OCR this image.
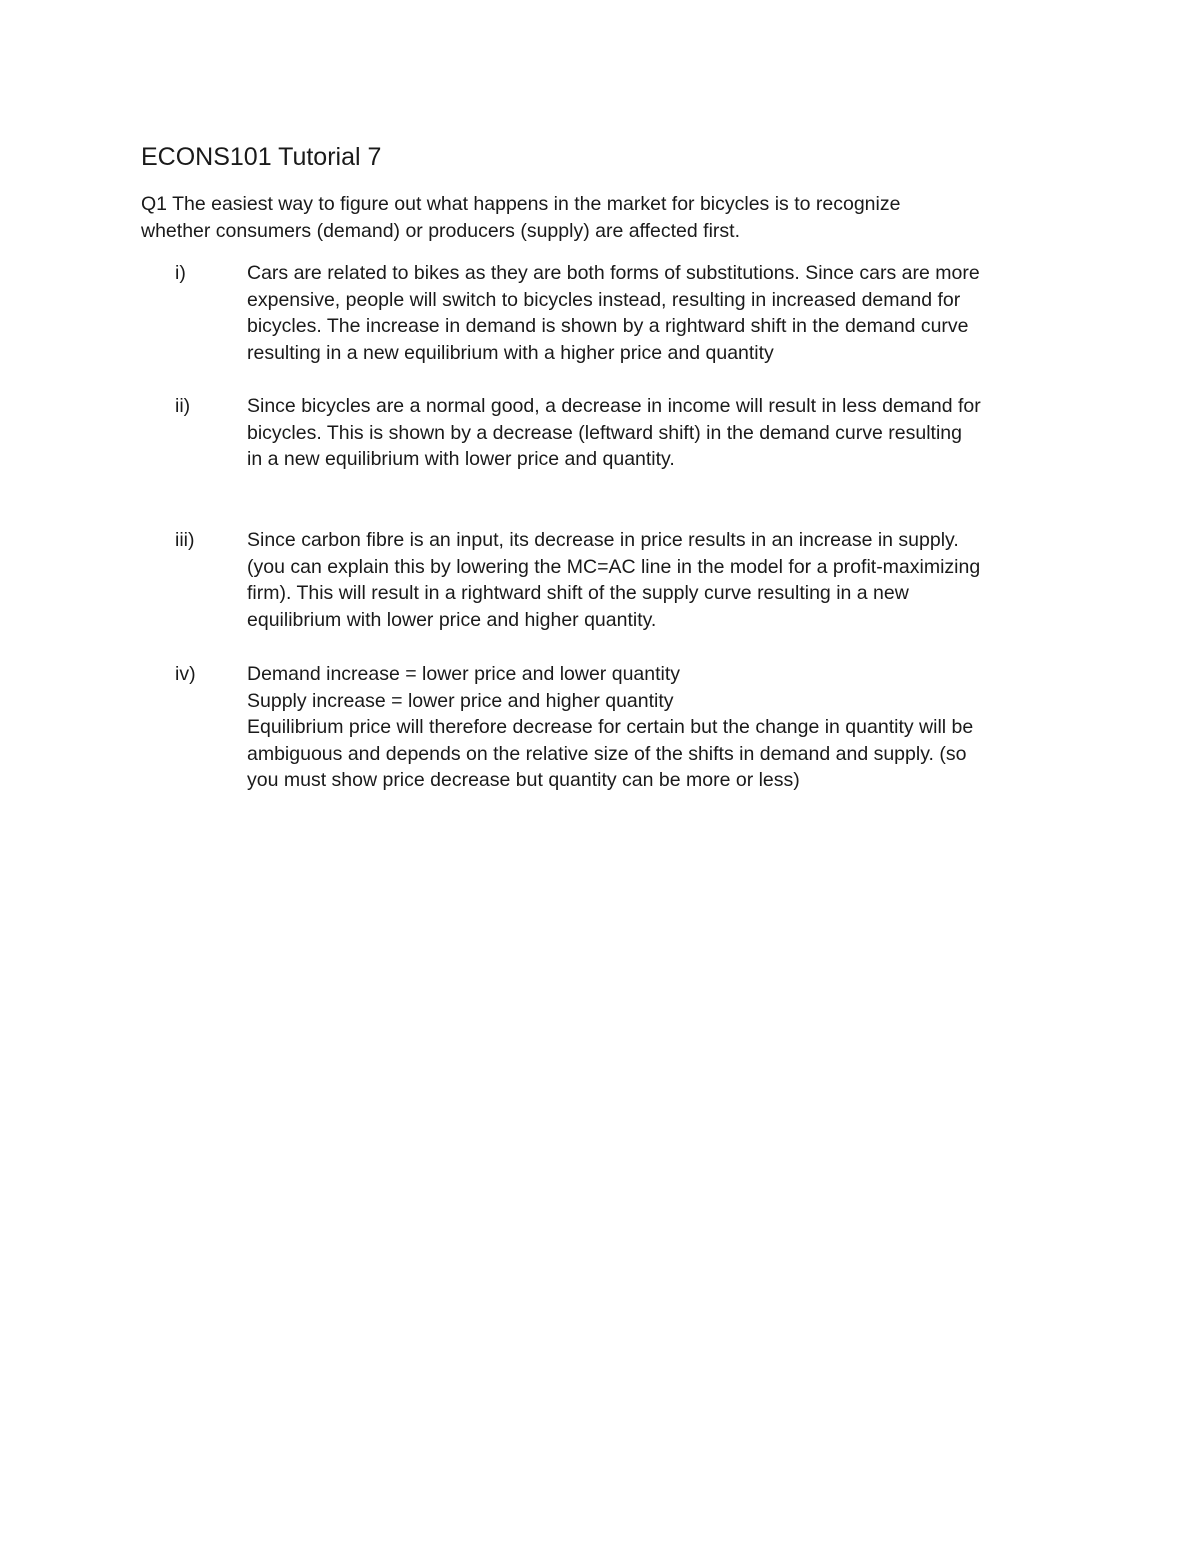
ECONS101 Tutorial 7

Q1 The easiest way to figure out what happens in the market for bicycles is to recognize
whether consumers (demand) or producers (supply) are affected first.

i)	Cars are related to bikes as they are both forms of substitutions. Since cars are more
expensive, people will switch to bicycles instead, resulting in increased demand for
bicycles. The increase in demand is shown by a rightward shift in the demand curve
resulting in a new equilibrium with a higher price and quantity
ii)	Since bicycles are a normal good, a decrease in income will result in less demand for
bicycles. This is shown by a decrease (leftward shift) in the demand curve resulting
in a new equilibrium with lower price and quantity.
iii)	Since carbon fibre is an input, its decrease in price results in an increase in supply.
(you can explain this by lowering the MC=AC line in the model for a profit-maximizing
firm). This will result in a rightward shift of the supply curve resulting in a new
equilibrium with lower price and higher quantity.
iv)	Demand increase = lower price and lower quantity
Supply increase = lower price and higher quantity
Equilibrium price will therefore decrease for certain but the change in quantity will be
ambiguous and depends on the relative size of the shifts in demand and supply. (so
you must show price decrease but quantity can be more or less)
